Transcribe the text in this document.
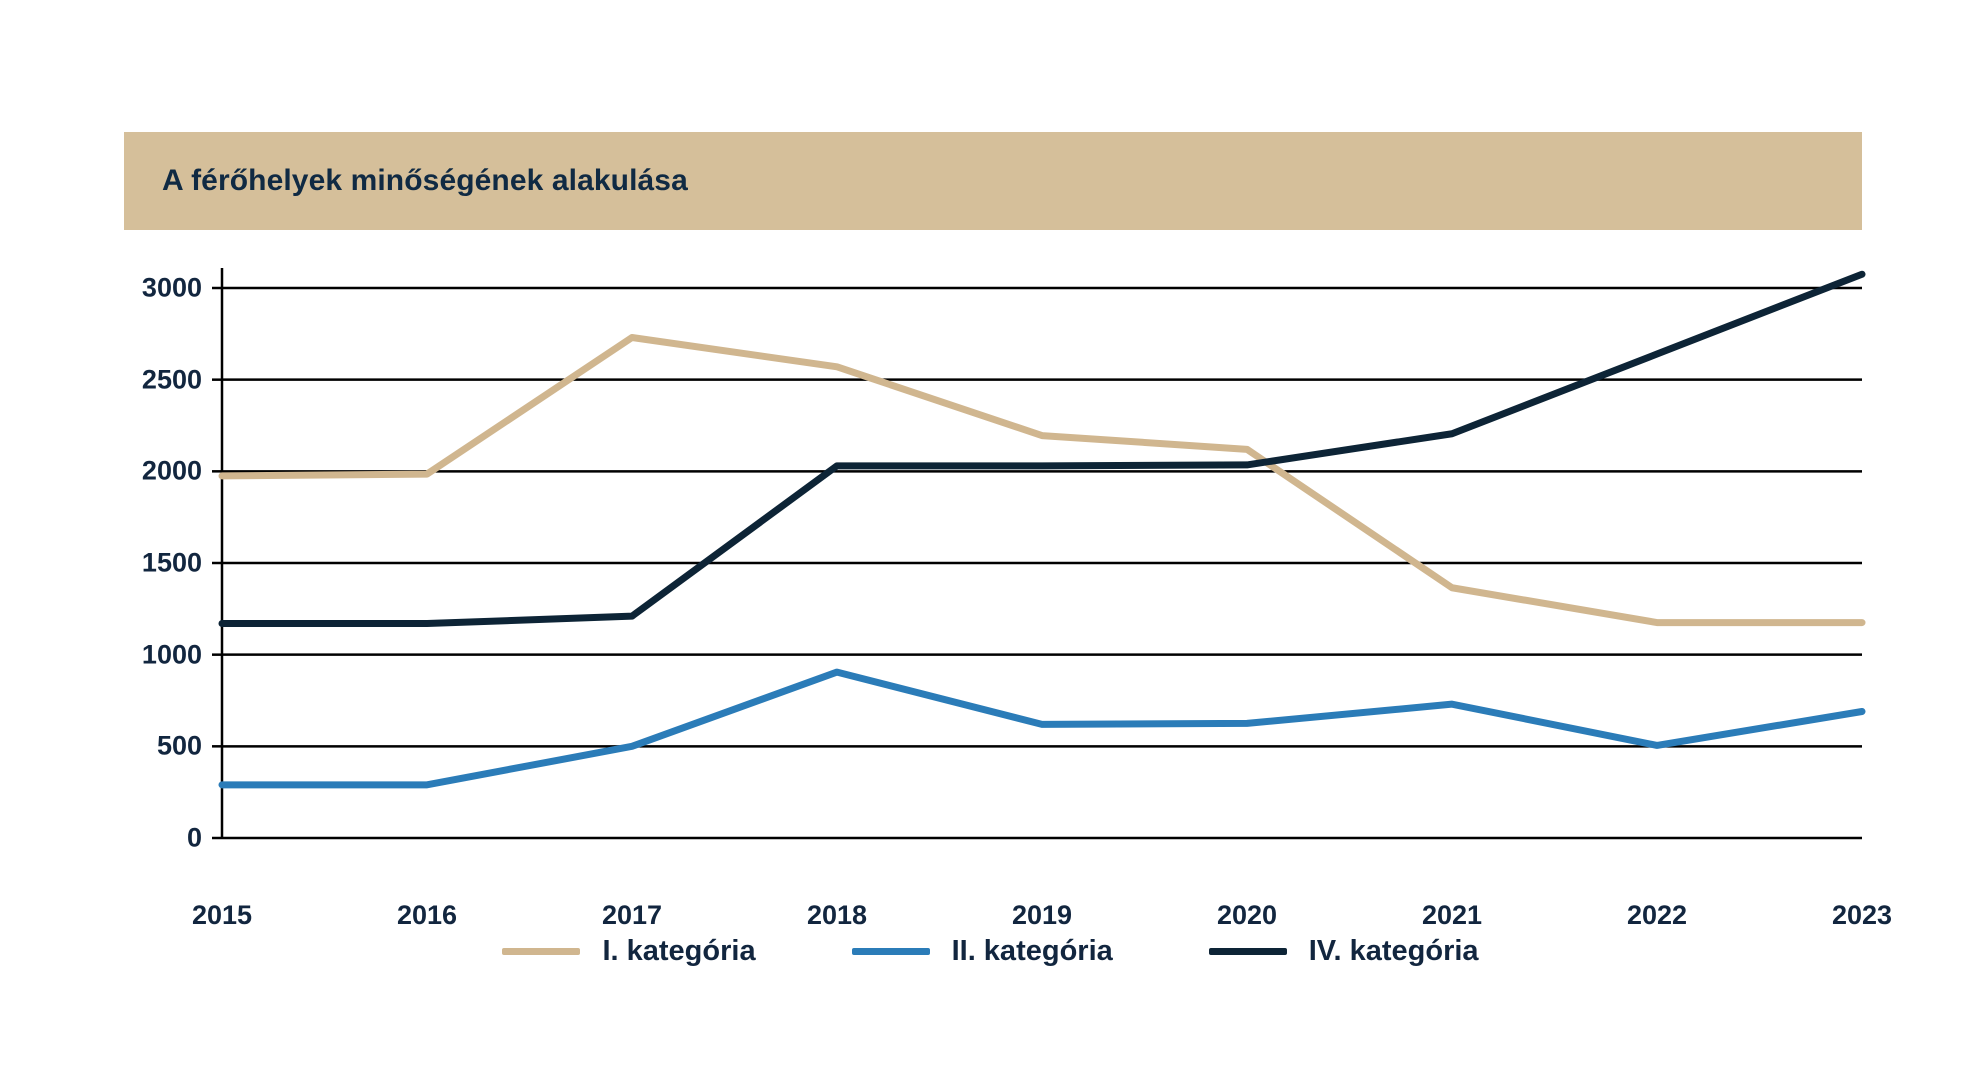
A férőhelyek minőségének alakulása
0
500
1000
1500
2000
2500
3000
2015	2016	2017	2018	2019	2020	2021	2022	2023
I. kategória	II. kategória	IV. kategória
